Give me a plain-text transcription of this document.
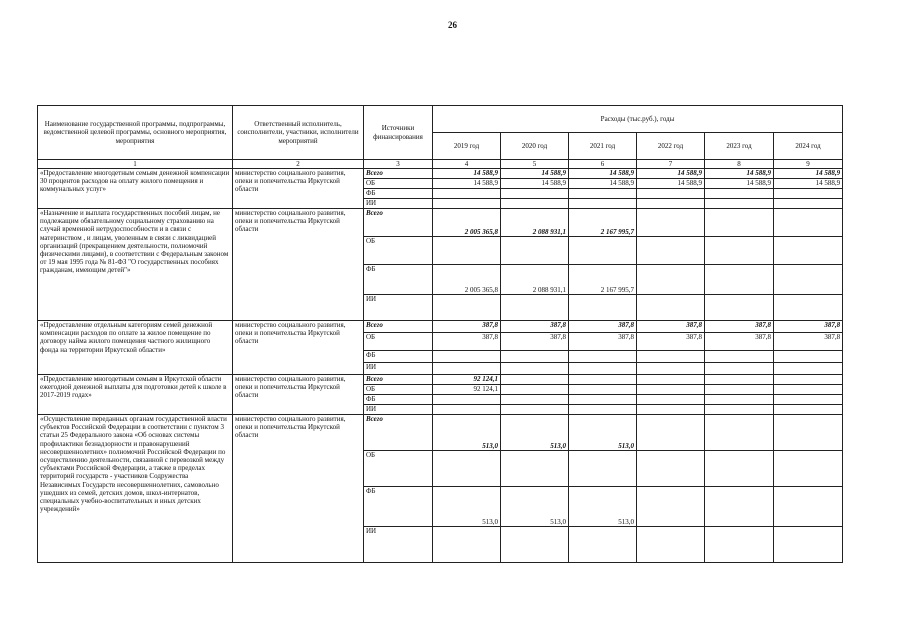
26
Наименование государственной программы, подпрограммы, ведомственной целевой программы, основного мероприятия, мероприятия	Ответственный исполнитель, соисполнители, участники, исполнители мероприятий	Источники финансирования	Расходы (тыс.руб.), годы					
			2019 год	2020 год	2021 год	2022 год	2023 год	2024 год
1	2	3	4	5	6	7	8	9
«Предоставление многодетным семьям денежной компенсации 30 процентов расходов на оплату жилого помещения и коммунальных услуг»	министерство социального развития, опеки и попечительства Иркутской области	Всего	14 588,9	14 588,9	14 588,9	14 588,9	14 588,9	14 588,9
		ОБ	14 588,9	14 588,9	14 588,9	14 588,9	14 588,9	14 588,9
		ФБ						
		ИИ						
«Назначение и выплата государственных пособий лицам, не подлежащим обязательному социальному страхованию на случай временной нетрудоспособности и в связи с материнством , и лицам, уволенным в связи с ликвидацией организаций (прекращением деятельности, полномочий физическими лицами), в соответствии с Федеральным законом от 19 мая 1995 года № 81-ФЗ "О государственных пособиях гражданам, имеющим детей"»	министерство социального развития, опеки и попечительства Иркутской области	Всего	2 005 365,8	2 088 931,1	2 167 995,7			
		ОБ						
		ФБ	2 005 365,8	2 088 931,1	2 167 995,7			
		ИИ						
«Предоставление отдельным категориям семей денежной компенсации расходов по оплате за жилое помещение по договору найма жилого помещения частного жилищного фонда на территории Иркутской области»	министерство социального развития, опеки и попечительства Иркутской области	Всего	387,8	387,8	387,8	387,8	387,8	387,8
		ОБ	387,8	387,8	387,8	387,8	387,8	387,8
		ФБ						
		ИИ						
«Предоставление многодетным семьям в Иркутской области ежегодной денежной выплаты для подготовки детей к школе в 2017-2019 годах»	министерство социального развития, опеки и попечительства Иркутской области	Всего	92 124,1					
		ОБ	92 124,1					
		ФБ						
		ИИ						
«Осуществление переданных органам государственной власти субъектов Российской Федерации в соответствии с пунктом 3 статьи 25 Федерального закона «Об основах системы профилактики безнадзорности и правонарушений несовершеннолетних» полномочий Российской Федерации по осуществлению деятельности, связанной с перевозкой между субъектами Российской Федерации, а также в пределах территорий государств - участников Содружества Независимых Государств несовершеннолетних, самовольно ушедших из семей, детских домов, школ-интернатов, специальных учебно-воспитательных и иных детских учреждений»	министерство социального развития, опеки и попечительства Иркутской области	Всего	513,0	513,0	513,0			
		ОБ						
		ФБ	513,0	513,0	513,0			
		ИИ						
